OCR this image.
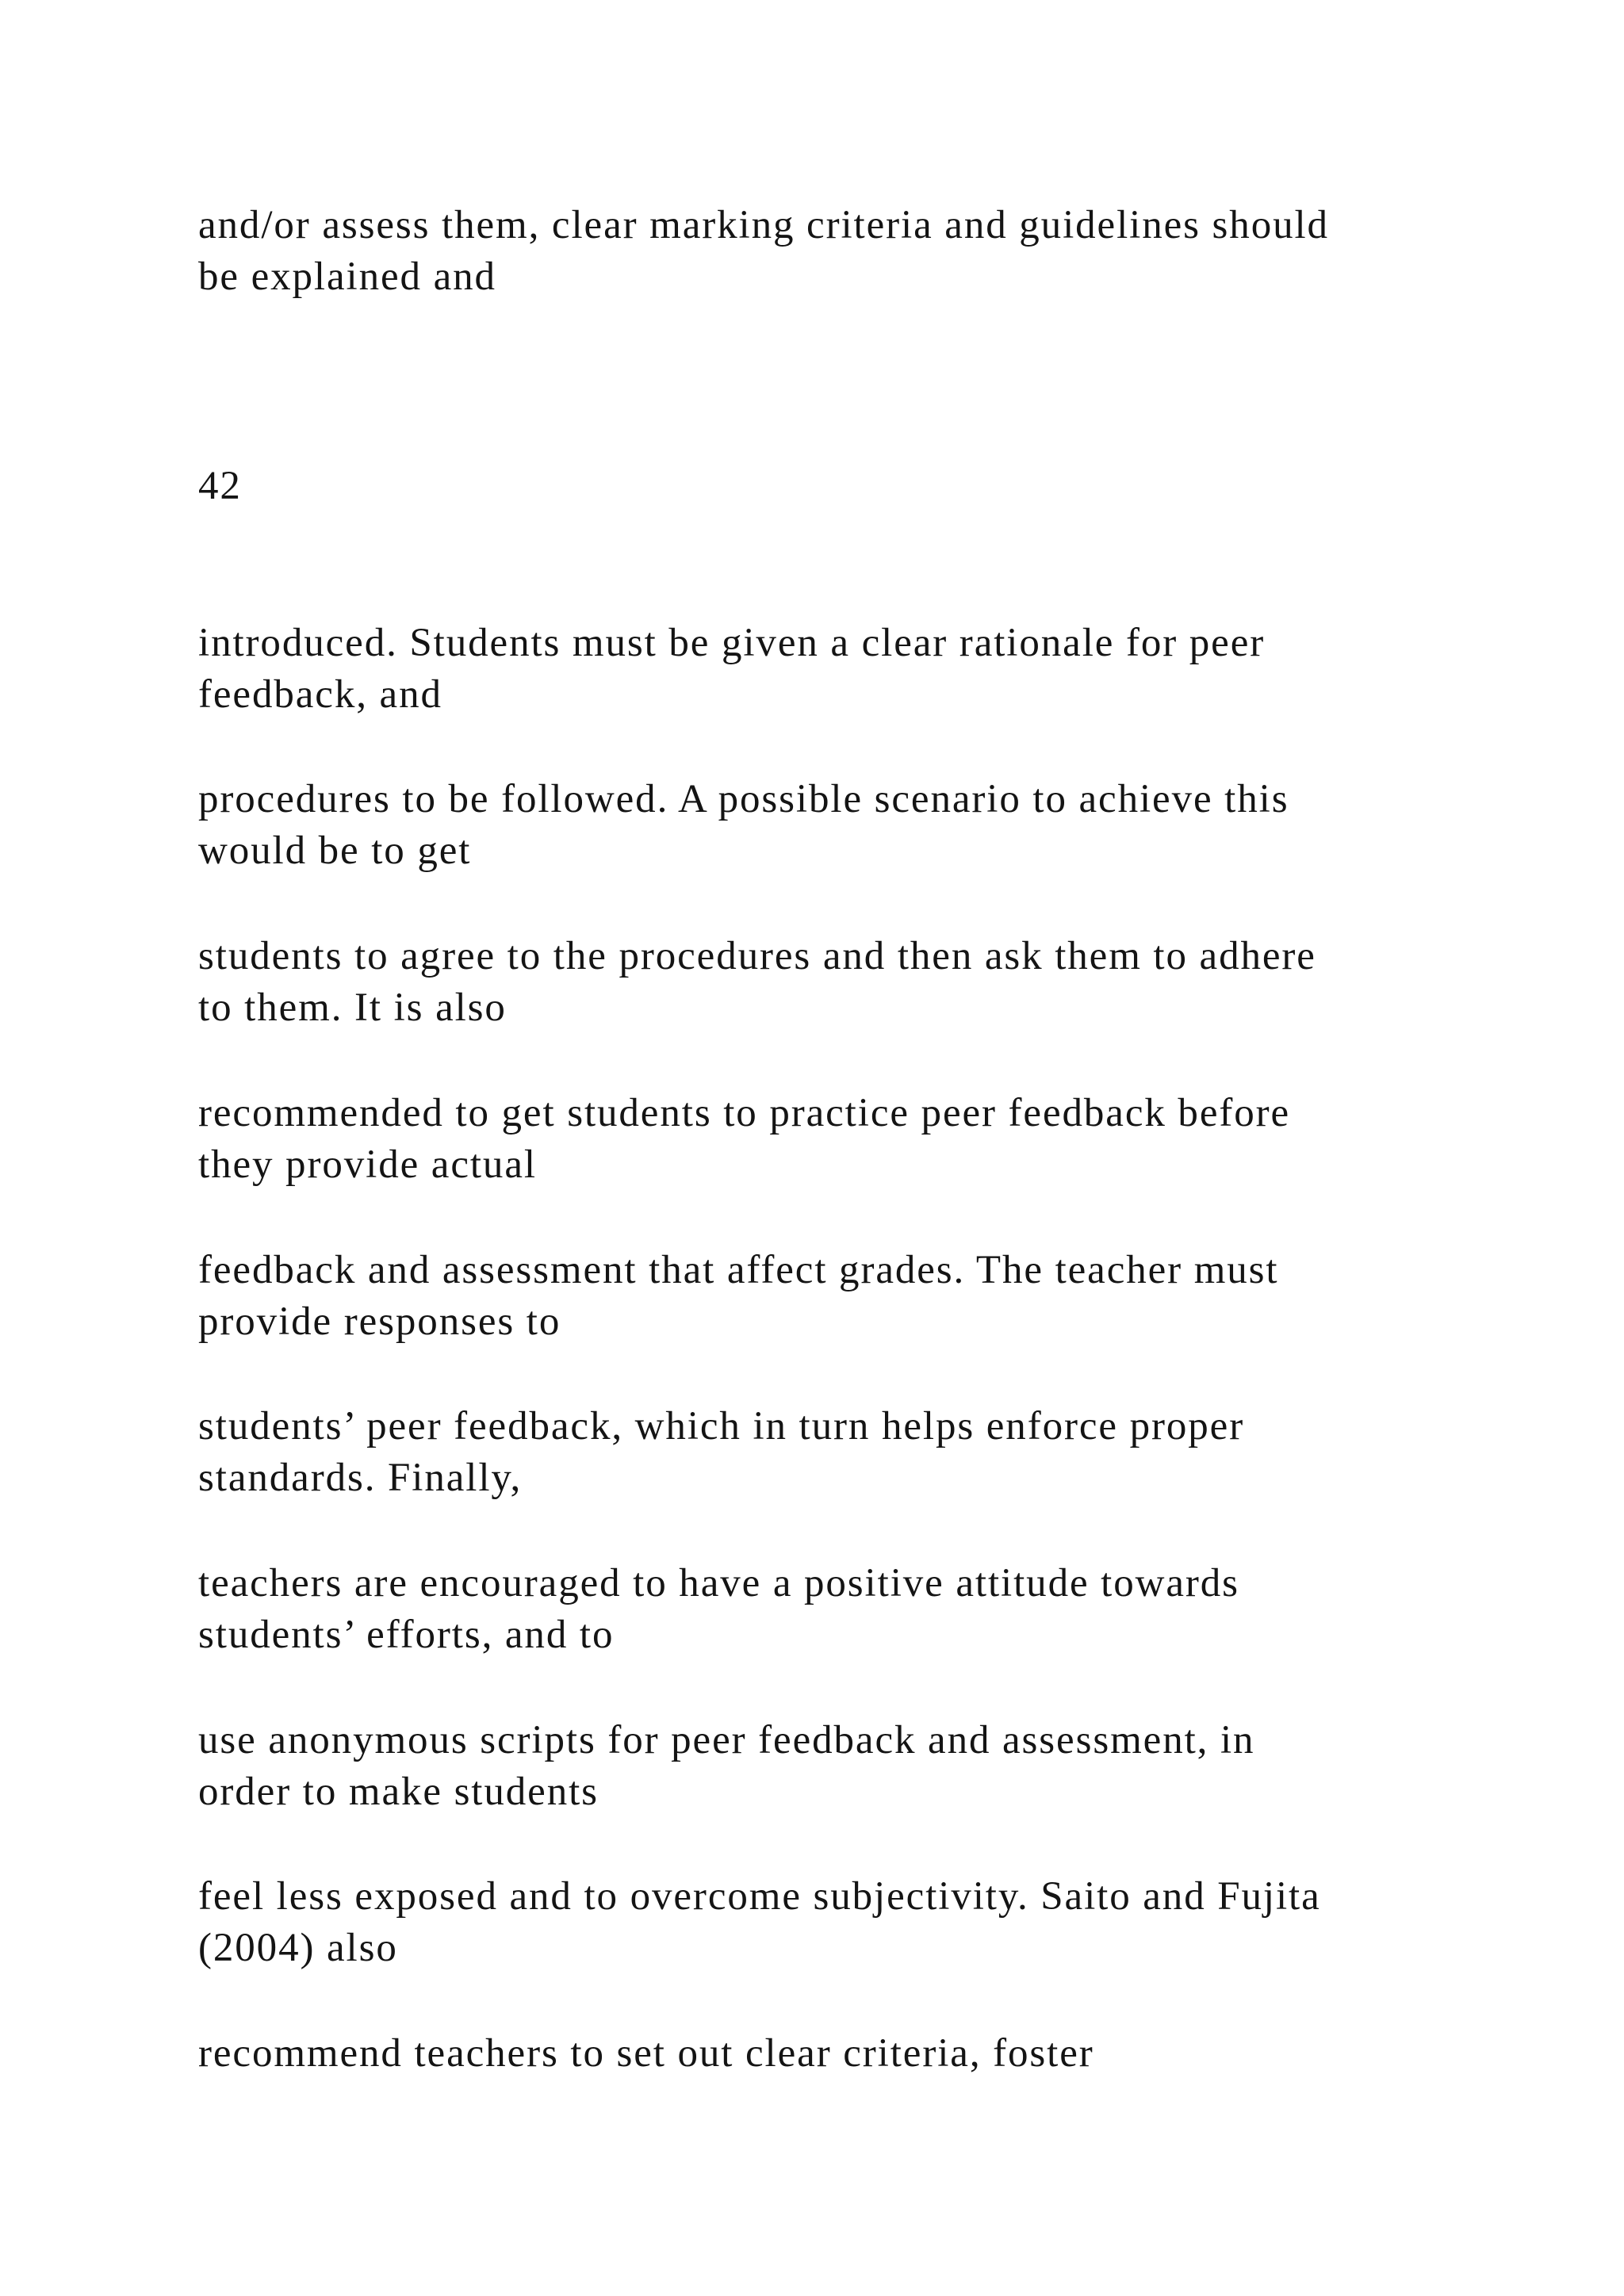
and/or assess them, clear marking criteria and guidelines should
be explained and

42

introduced. Students must be given a clear rationale for peer
feedback, and

procedures to be followed. A possible scenario to achieve this
would be to get

students to agree to the procedures and then ask them to adhere
to them. It is also

recommended to get students to practice peer feedback before
they provide actual

feedback and assessment that affect grades. The teacher must
provide responses to

students’ peer feedback, which in turn helps enforce proper
standards. Finally,

teachers are encouraged to have a positive attitude towards
students’ efforts, and to

use anonymous scripts for peer feedback and assessment, in
order to make students

feel less exposed and to overcome subjectivity. Saito and Fujita
(2004) also

recommend teachers to set out clear criteria, foster
